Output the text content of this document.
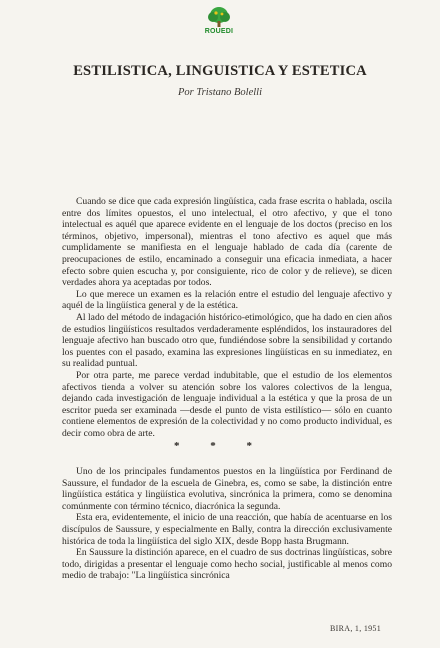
ROUEDI
ESTILISTICA, LINGUISTICA Y ESTETICA
Por Tristano Bolelli

Cuando se dice que cada expresión lingüística, cada frase escrita o hablada, oscila entre dos límites opuestos, el uno intelectual, el otro afectivo, y que el tono intelectual es aquél que aparece evidente en el lenguaje de los doctos (preciso en los términos, objetivo, impersonal), mientras el tono afectivo es aquel que más cumplidamente se manifiesta en el lenguaje hablado de cada día (carente de preocupaciones de estilo, encaminado a conseguir una eficacia inmediata, a hacer efecto sobre quien escucha y, por consiguiente, rico de color y de relieve), se dicen verdades ahora ya aceptadas por todos.

Lo que merece un examen es la relación entre el estudio del lenguaje afectivo y aquél de la lingüística general y de la estética.

Al lado del método de indagación histórico-etimológico, que ha dado en cien años de estudios lingüísticos resultados verdaderamente espléndidos, los instauradores del lenguaje afectivo han buscado otro que, fundiéndose sobre la sensibilidad y cortando los puentes con el pasado, examina las expresiones lingüísticas en su inmediatez, en su realidad puntual.

Por otra parte, me parece verdad indubitable, que el estudio de los elementos afectivos tienda a volver su atención sobre los valores colectivos de la lengua, dejando cada investigación de lenguaje individual a la estética y que la prosa de un escritor pueda ser examinada —desde el punto de vista estilístico— sólo en cuanto contiene elementos de expresión de la colectividad y no como producto individual, es decir como obra de arte.

* * *

Uno de los principales fundamentos puestos en la lingüística por Ferdinand de Saussure, el fundador de la escuela de Ginebra, es, como se sabe, la distinción entre lingüística estática y lingüística evolutiva, sincrónica la primera, como se denomina comúnmente con término técnico, diacrónica la segunda.

Esta era, evidentemente, el inicio de una reacción, que había de acentuarse en los discípulos de Saussure, y especialmente en Bally, contra la dirección exclusivamente histórica de toda la lingüística del siglo XIX, desde Bopp hasta Brugmann.

En Saussure la distinción aparece, en el cuadro de sus doctrinas lingüísticas, sobre todo, dirigidas a presentar el lenguaje como hecho social, justificable al menos como medio de trabajo: "La lingüística sincrónica

BIRA, 1, 1951
